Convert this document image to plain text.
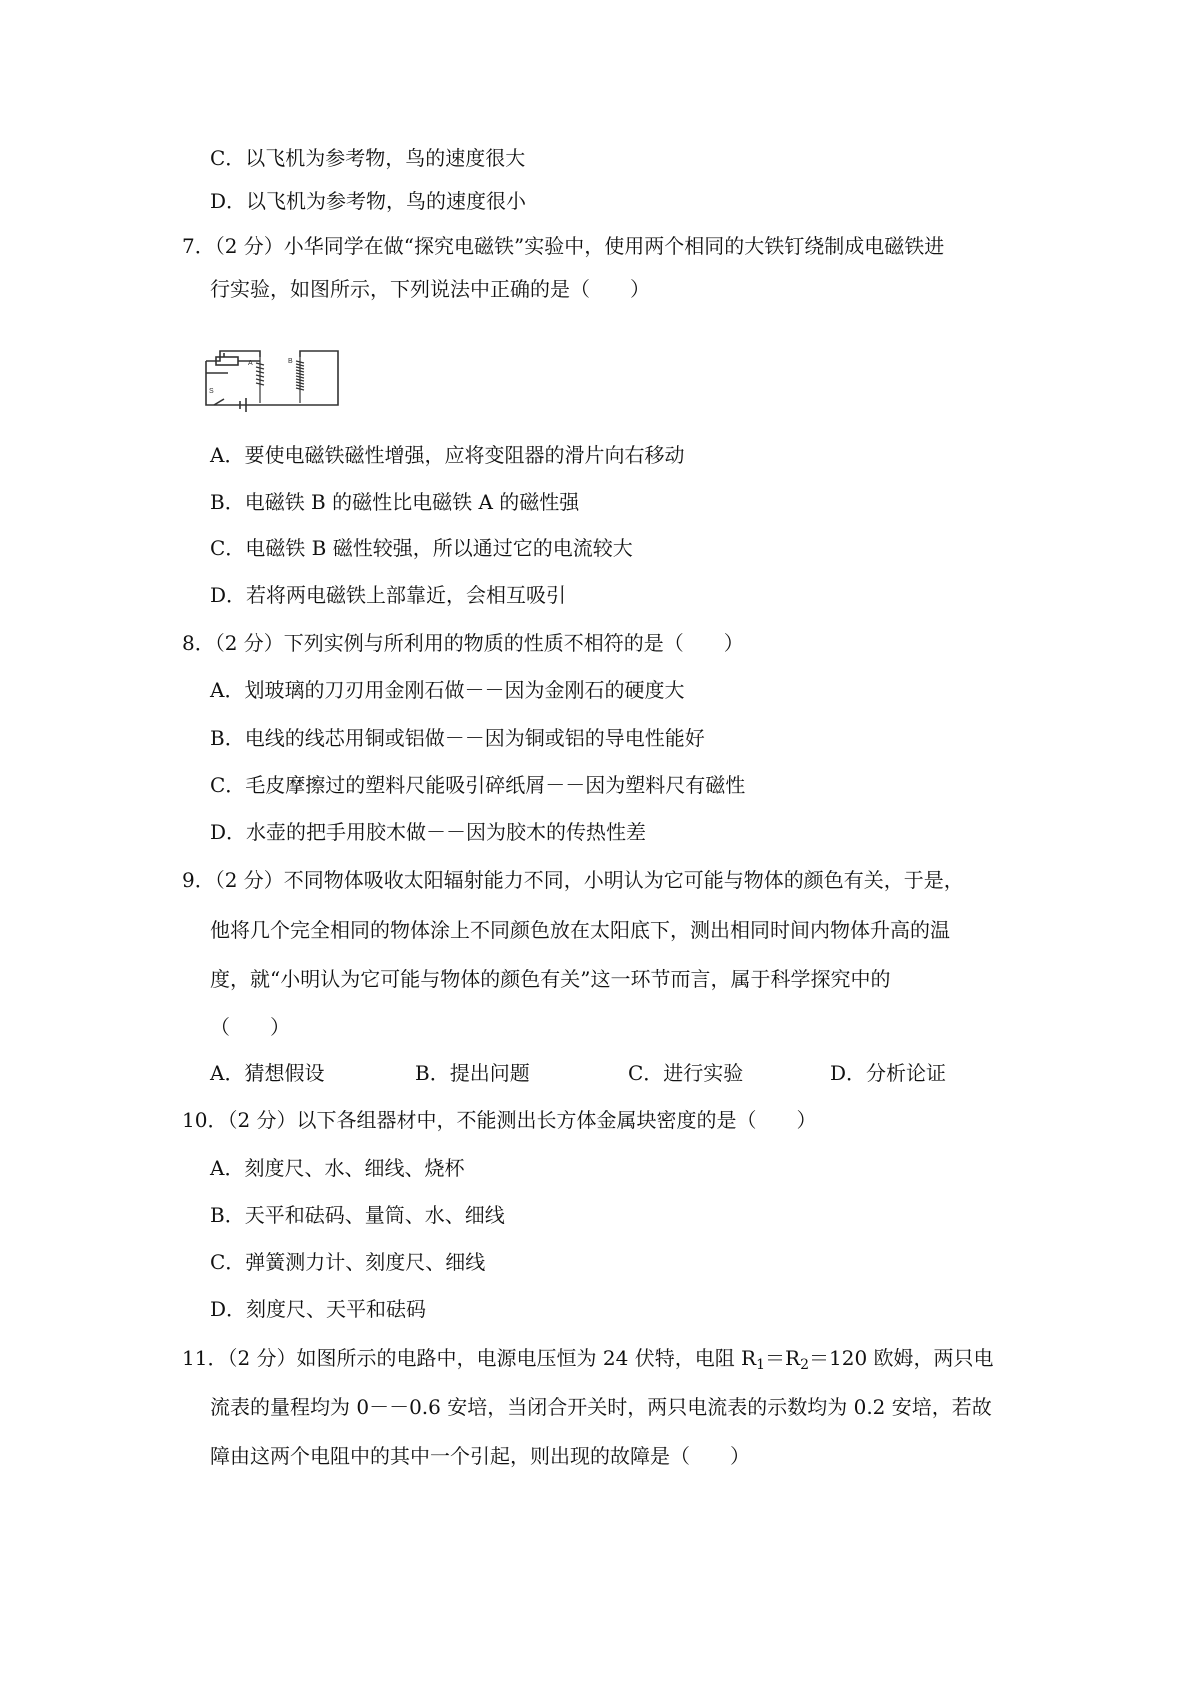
C．以飞机为参考物，鸟的速度很大
D．以飞机为参考物，鸟的速度很小
7．（2 分）小华同学在做“探究电磁铁”实验中，使用两个相同的大铁钉绕制成电磁铁进
行实验，如图所示，下列说法中正确的是（　　）
A	B
S
A．要使电磁铁磁性增强，应将变阻器的滑片向右移动
B．电磁铁 B 的磁性比电磁铁 A 的磁性强
C．电磁铁 B 磁性较强，所以通过它的电流较大
D．若将两电磁铁上部靠近，会相互吸引
8．（2 分）下列实例与所利用的物质的性质不相符的是（　　）
A．划玻璃的刀刃用金刚石做－－因为金刚石的硬度大
B．电线的线芯用铜或铝做－－因为铜或铝的导电性能好
C．毛皮摩擦过的塑料尺能吸引碎纸屑－－因为塑料尺有磁性
D．水壶的把手用胶木做－－因为胶木的传热性差
9．（2 分）不同物体吸收太阳辐射能力不同，小明认为它可能与物体的颜色有关，于是，
他将几个完全相同的物体涂上不同颜色放在太阳底下，测出相同时间内物体升高的温
度，就“小明认为它可能与物体的颜色有关”这一环节而言，属于科学探究中的
（　　）
A．猜想假设	B．提出问题	C．进行实验	D．分析论证
10．（2 分）以下各组器材中，不能测出长方体金属块密度的是（　　）
A．刻度尺、水、细线、烧杯
B．天平和砝码、量筒、水、细线
C．弹簧测力计、刻度尺、细线
D．刻度尺、天平和砝码
11．（2 分）如图所示的电路中，电源电压恒为 24 伏特，电阻 $R_1=R_2=120$ 欧姆，两只电
流表的量程均为 0－－0.6 安培，当闭合开关时，两只电流表的示数均为 0.2 安培，若故
障由这两个电阻中的其中一个引起，则出现的故障是（　　）
